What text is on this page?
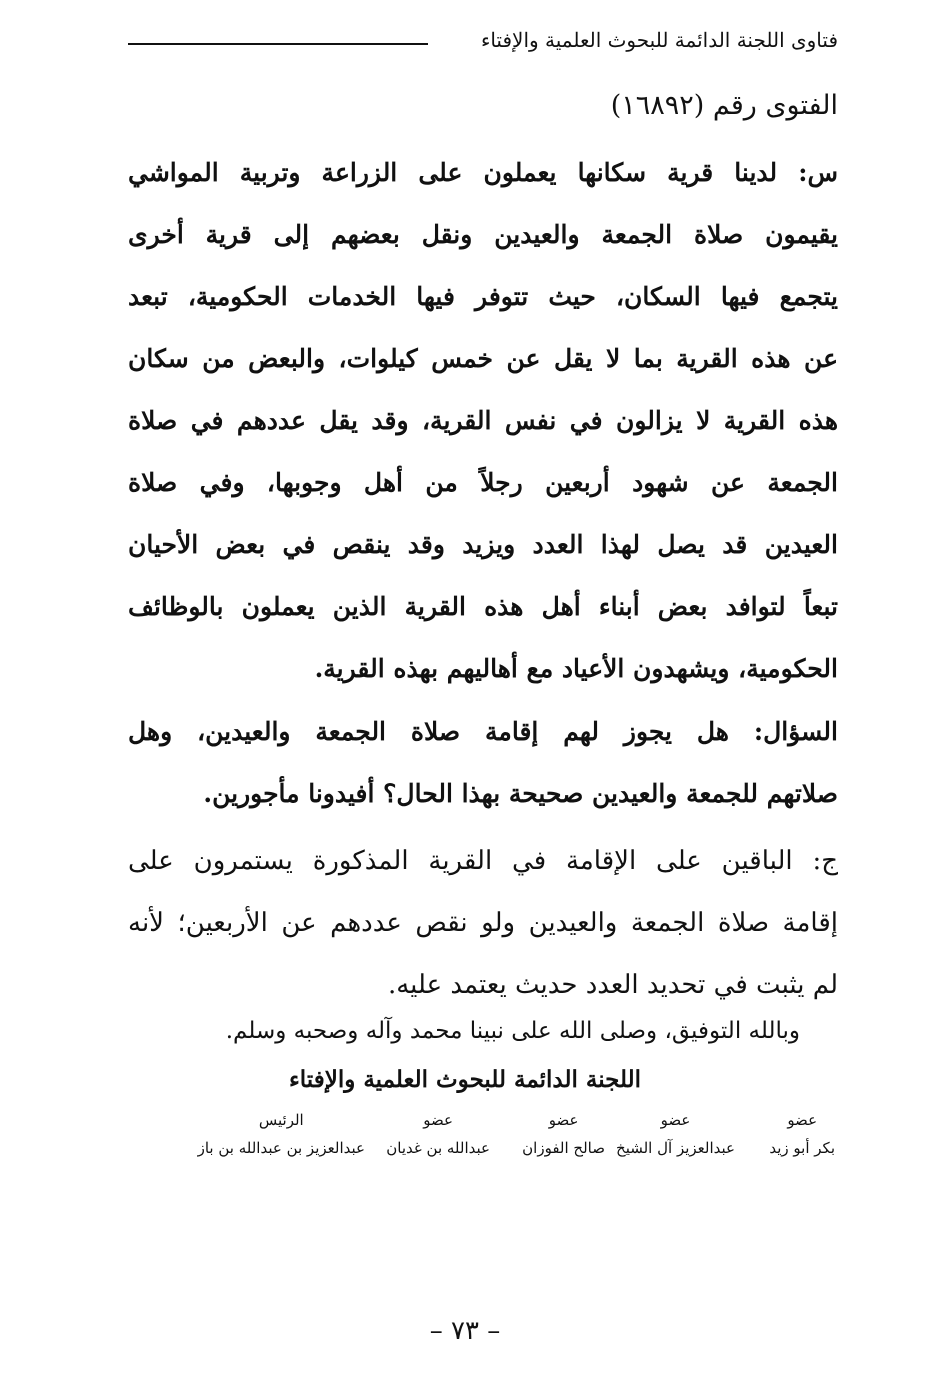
فتاوى اللجنة الدائمة للبحوث العلمية والإفتاء
الفتوى رقم (١٦٨٩٢)
س: لدينا قرية سكانها يعملون على الزراعة وتربية المواشي
يقيمون صلاة الجمعة والعيدين ونقل بعضهم إلى قرية أخرى
يتجمع فيها السكان، حيث تتوفر فيها الخدمات الحكومية، تبعد
عن هذه القرية بما لا يقل عن خمس كيلوات، والبعض من سكان
هذه القرية لا يزالون في نفس القرية، وقد يقل عددهم في صلاة
الجمعة عن شهود أربعين رجلاً من أهل وجوبها، وفي صلاة
العيدين قد يصل لهذا العدد ويزيد وقد ينقص في بعض الأحيان
تبعاً لتوافد بعض أبناء أهل هذه القرية الذين يعملون بالوظائف
الحكومية، ويشهدون الأعياد مع أهاليهم بهذه القرية.
السؤال: هل يجوز لهم إقامة صلاة الجمعة والعيدين، وهل
صلاتهم للجمعة والعيدين صحيحة بهذا الحال؟ أفيدونا مأجورين.
ج: الباقين على الإقامة في القرية المذكورة يستمرون على
إقامة صلاة الجمعة والعيدين ولو نقص عددهم عن الأربعين؛ لأنه
لم يثبت في تحديد العدد حديث يعتمد عليه.
وبالله التوفيق، وصلى الله على نبينا محمد وآله وصحبه وسلم.
اللجنة الدائمة للبحوث العلمية والإفتاء
عضو
بكر أبو زيد
عضو
عبدالعزيز آل الشيخ
عضو
صالح الفوزان
عضو
عبدالله بن غديان
الرئيس
عبدالعزيز بن عبدالله بن باز
– ٧٣ –
